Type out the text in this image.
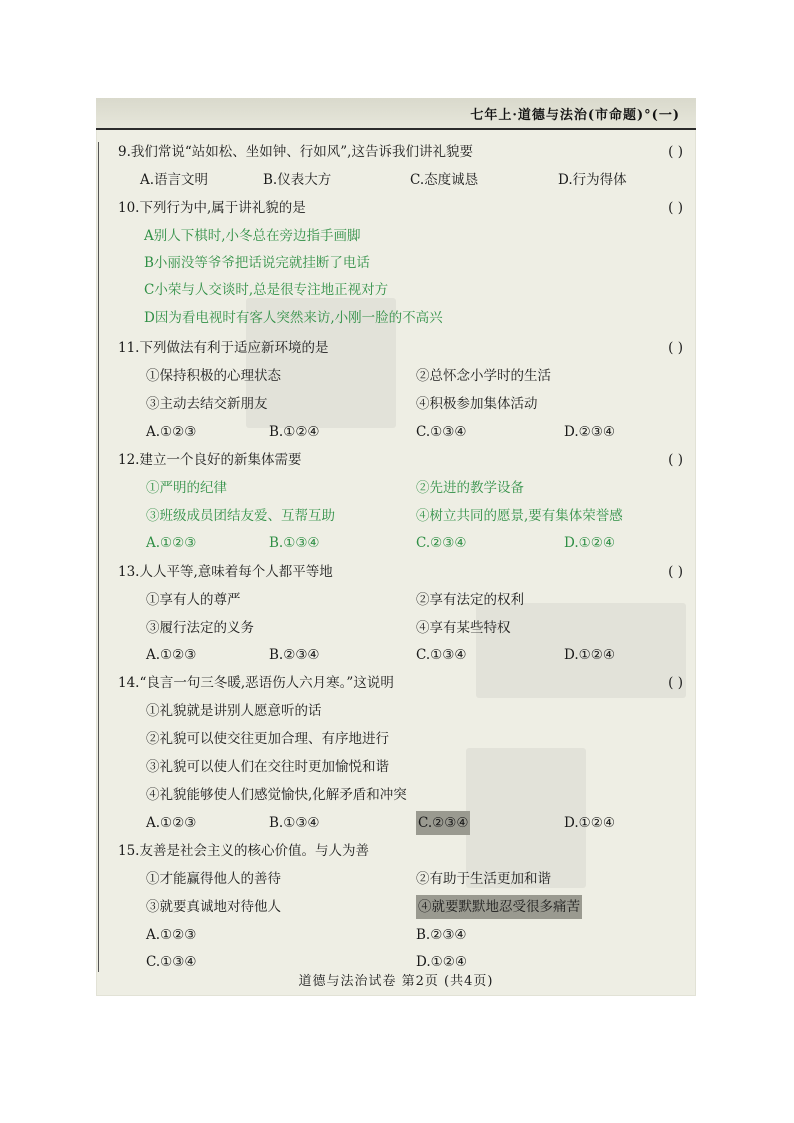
七年上·道德与法治(市命题)°(一)
9.我们常说“站如松、坐如钟、行如风”,这告诉我们讲礼貌要	( )
A.语言文明	B.仪表大方	C.态度诚恳	D.行为得体
10.下列行为中,属于讲礼貌的是	( )
A别人下棋时,小冬总在旁边指手画脚
B小丽没等爷爷把话说完就挂断了电话
C小荣与人交谈时,总是很专注地正视对方
D因为看电视时有客人突然来访,小刚一脸的不高兴
11.下列做法有利于适应新环境的是	( )
①保持积极的心理状态	②总怀念小学时的生活
③主动去结交新朋友	④积极参加集体活动
A.①②③	B.①②④	C.①③④	D.②③④
12.建立一个良好的新集体需要	( )
①严明的纪律	②先进的教学设备
③班级成员团结友爱、互帮互助	④树立共同的愿景,要有集体荣誉感
A.①②③	B.①③④	C.②③④	D.①②④
13.人人平等,意味着每个人都平等地	( )
①享有人的尊严	②享有法定的权利
③履行法定的义务	④享有某些特权
A.①②③	B.②③④	C.①③④	D.①②④
14.“良言一句三冬暖,恶语伤人六月寒。”这说明	( )
①礼貌就是讲别人愿意听的话
②礼貌可以使交往更加合理、有序地进行
③礼貌可以使人们在交往时更加愉悦和谐
④礼貌能够使人们感觉愉快,化解矛盾和冲突
A.①②③	B.①③④	C.②③④	D.①②④
15.友善是社会主义的核心价值。与人为善
①才能赢得他人的善待	②有助于生活更加和谐
③就要真诚地对待他人	④就要默默地忍受很多痛苦
A.①②③	B.②③④
C.①③④	D.①②④
道德与法治试卷 第2页 (共4页)
